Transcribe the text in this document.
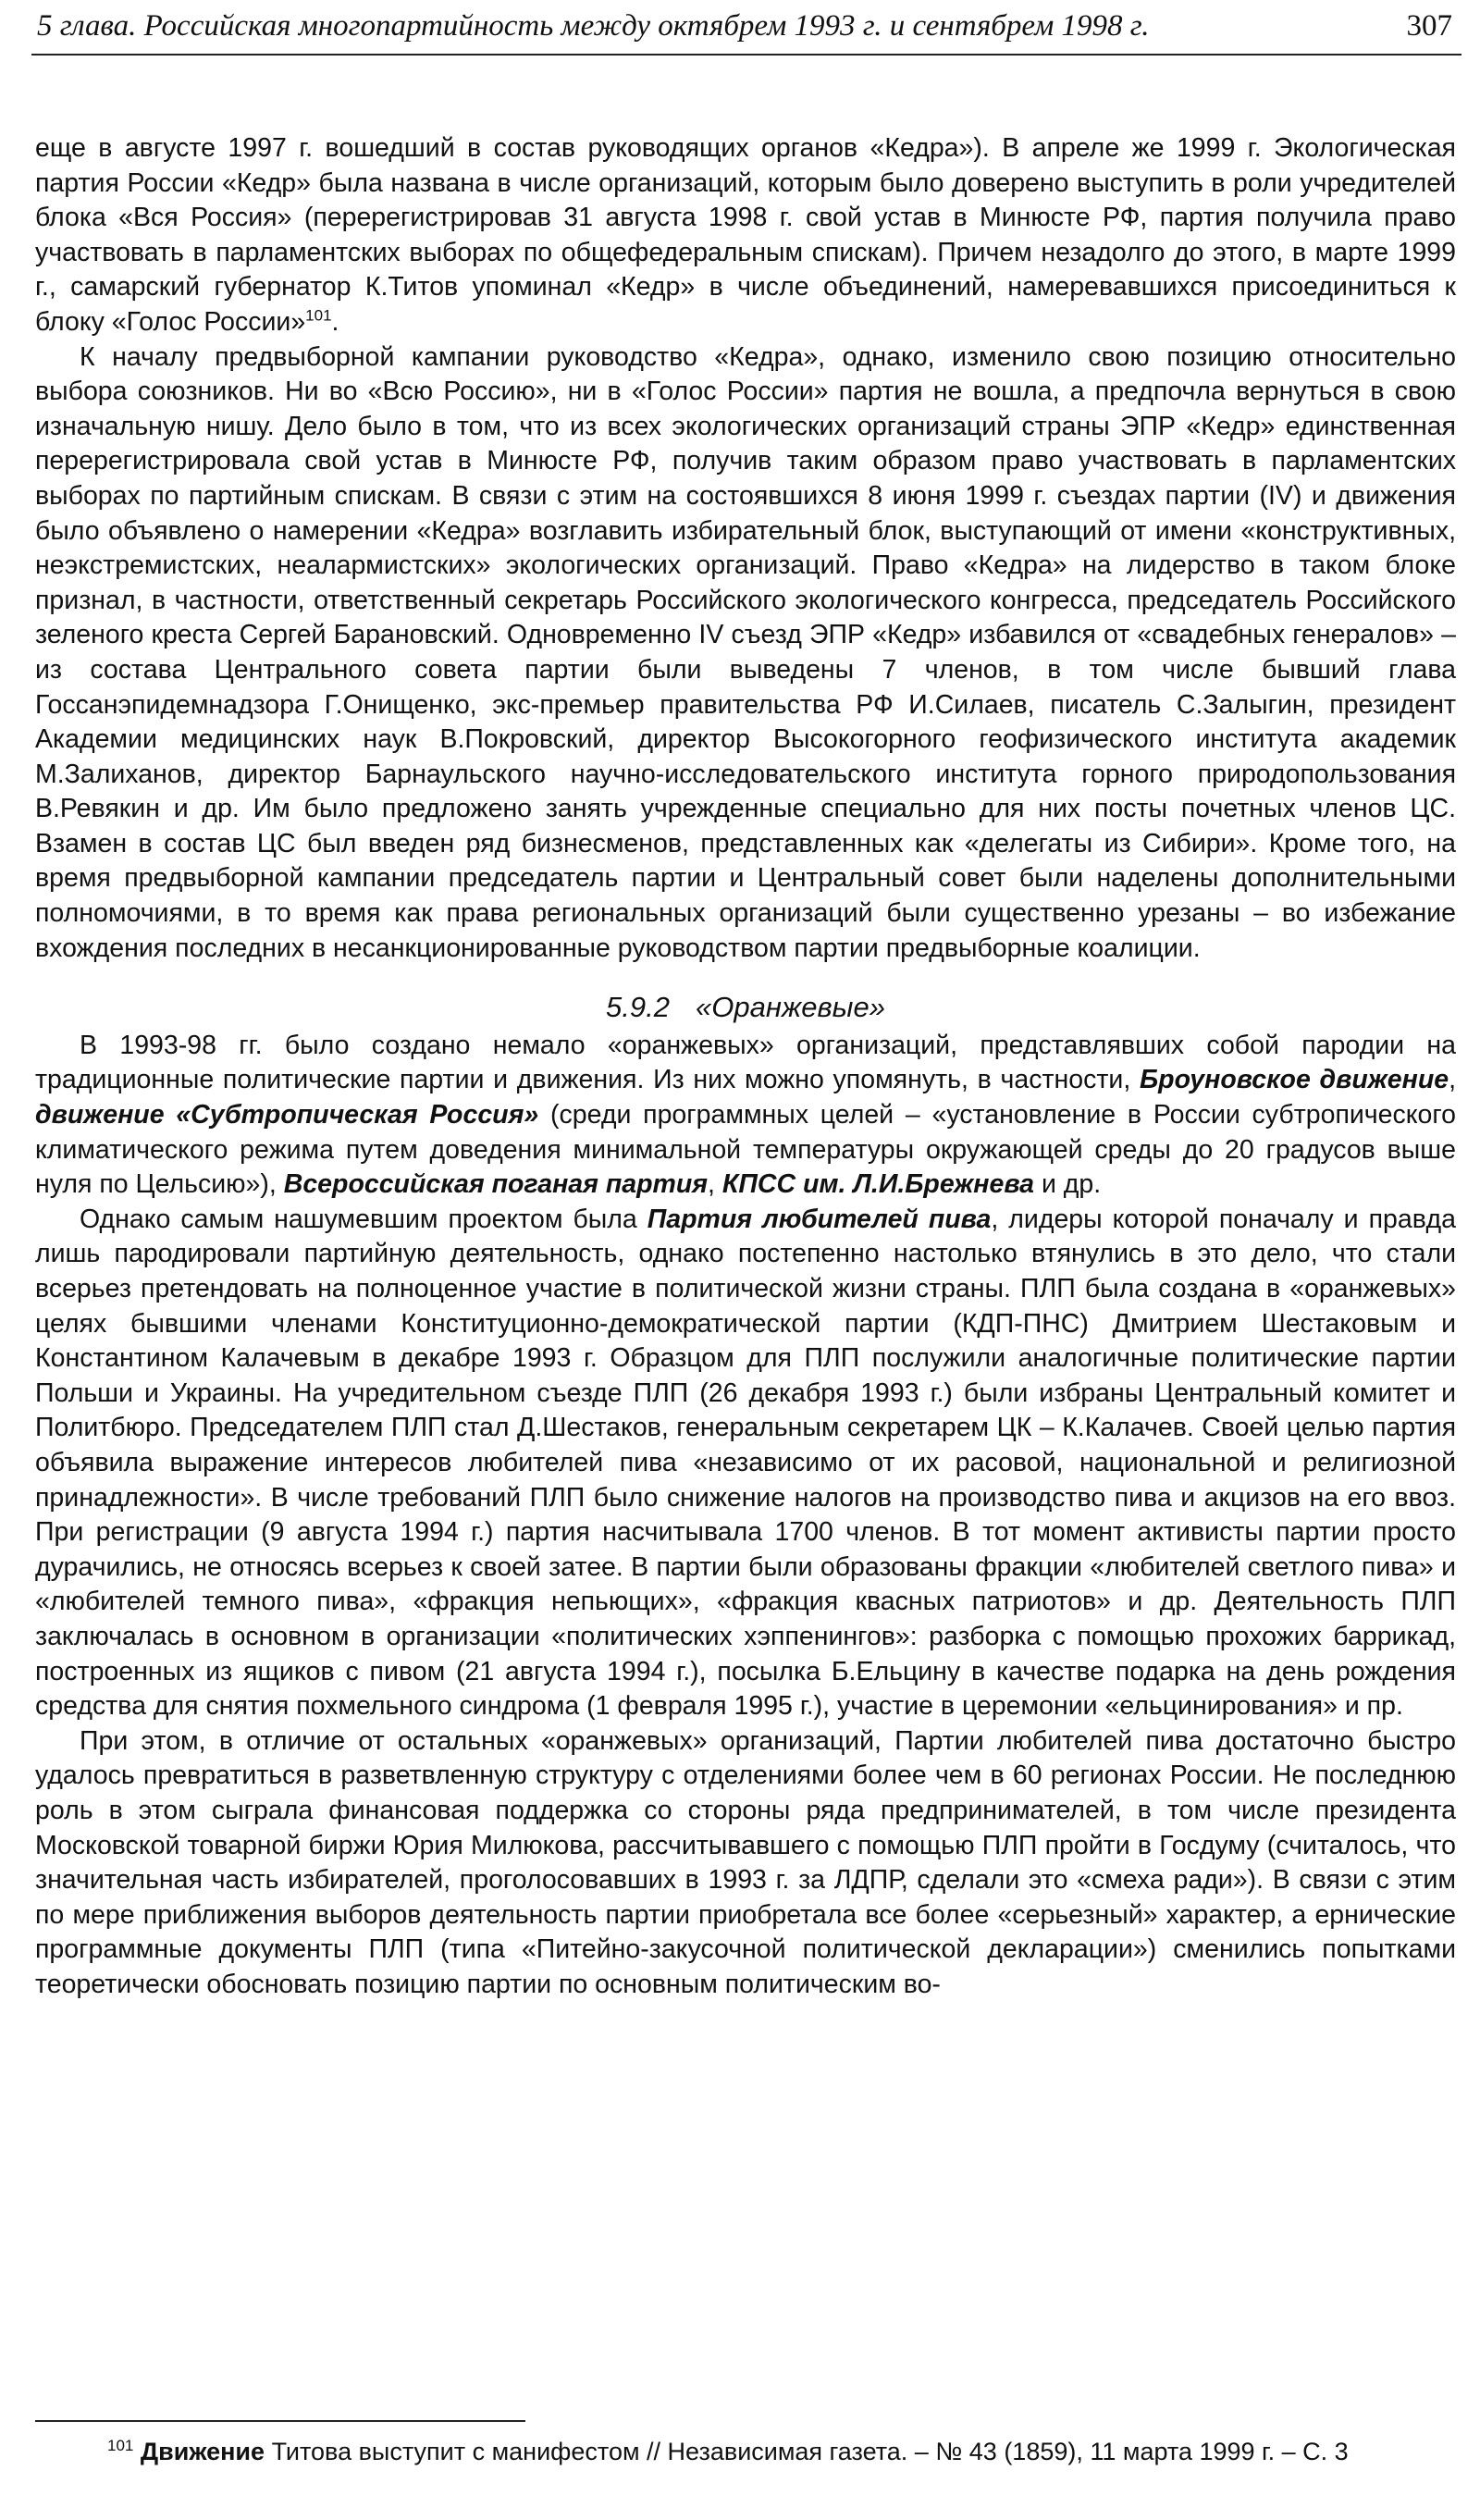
5 глава. Российская многопартийность между октябрем 1993 г. и сентябрем 1998 г.	307

еще в августе 1997 г. вошедший в состав руководящих органов «Кедра»). В апреле же 1999 г. Экологическая партия России «Кедр» была названа в числе организаций, которым было доверено выступить в роли учредителей блока «Вся Россия» (перерегистрировав 31 августа 1998 г. свой устав в Минюсте РФ, партия получила право участвовать в парламентских выборах по общефедеральным спискам). Причем незадолго до этого, в марте 1999 г., самарский губернатор К.Титов упоминал «Кедр» в числе объединений, намеревавшихся присоединиться к блоку «Голос России»$^{101}$.

К началу предвыборной кампании руководство «Кедра», однако, изменило свою позицию относительно выбора союзников. Ни во «Всю Россию», ни в «Голос России» партия не вошла, а предпочла вернуться в свою изначальную нишу. Дело было в том, что из всех экологических организаций страны ЭПР «Кедр» единственная перерегистрировала свой устав в Минюсте РФ, получив таким образом право участвовать в парламентских выборах по партийным спискам. В связи с этим на состоявшихся 8 июня 1999 г. съездах партии (IV) и движения было объявлено о намерении «Кедра» возглавить избирательный блок, выступающий от имени «конструктивных, неэкстремистских, неалармистских» экологических организаций. Право «Кедра» на лидерство в таком блоке признал, в частности, ответственный секретарь Российского экологического конгресса, председатель Российского зеленого креста Сергей Барановский. Одновременно IV съезд ЭПР «Кедр» избавился от «свадебных генералов» – из состава Центрального совета партии были выведены 7 членов, в том числе бывший глава Госсанэпидемнадзора Г.Онищенко, экс-премьер правительства РФ И.Силаев, писатель С.Залыгин, президент Академии медицинских наук В.Покровский, директор Высокогорного геофизического института академик М.Залиханов, директор Барнаульского научно-исследовательского института горного природопользования В.Ревякин и др. Им было предложено занять учрежденные специально для них посты почетных членов ЦС. Взамен в состав ЦС был введен ряд бизнесменов, представленных как «делегаты из Сибири». Кроме того, на время предвыборной кампании председатель партии и Центральный совет были наделены дополнительными полномочиями, в то время как права региональных организаций были существенно урезаны – во избежание вхождения последних в несанкционированные руководством партии предвыборные коалиции.

5.9.2 «Оранжевые»

В 1993-98 гг. было создано немало «оранжевых» организаций, представлявших собой пародии на традиционные политические партии и движения. Из них можно упомянуть, в частности, Броуновское движение, движение «Субтропическая Россия» (среди программных целей – «установление в России субтропического климатического режима путем доведения минимальной температуры окружающей среды до 20 градусов выше нуля по Цельсию»), Всероссийская поганая партия, КПСС им. Л.И.Брежнева и др.

Однако самым нашумевшим проектом была Партия любителей пива, лидеры которой поначалу и правда лишь пародировали партийную деятельность, однако постепенно настолько втянулись в это дело, что стали всерьез претендовать на полноценное участие в политической жизни страны. ПЛП была создана в «оранжевых» целях бывшими членами Конституционно-демократической партии (КДП-ПНС) Дмитрием Шестаковым и Константином Калачевым в декабре 1993 г. Образцом для ПЛП послужили аналогичные политические партии Польши и Украины. На учредительном съезде ПЛП (26 декабря 1993 г.) были избраны Центральный комитет и Политбюро. Председателем ПЛП стал Д.Шестаков, генеральным секретарем ЦК – К.Калачев. Своей целью партия объявила выражение интересов любителей пива «независимо от их расовой, национальной и религиозной принадлежности». В числе требований ПЛП было снижение налогов на производство пива и акцизов на его ввоз. При регистрации (9 августа 1994 г.) партия насчитывала 1700 членов. В тот момент активисты партии просто дурачились, не относясь всерьез к своей затее. В партии были образованы фракции «любителей светлого пива» и «любителей темного пива», «фракция непьющих», «фракция квасных патриотов» и др. Деятельность ПЛП заключалась в основном в организации «политических хэппенингов»: разборка с помощью прохожих баррикад, построенных из ящиков с пивом (21 августа 1994 г.), посылка Б.Ельцину в качестве подарка на день рождения средства для снятия похмельного синдрома (1 февраля 1995 г.), участие в церемонии «ельцинирования» и пр.

При этом, в отличие от остальных «оранжевых» организаций, Партии любителей пива достаточно быстро удалось превратиться в разветвленную структуру с отделениями более чем в 60 регионах России. Не последнюю роль в этом сыграла финансовая поддержка со стороны ряда предпринимателей, в том числе президента Московской товарной биржи Юрия Милюкова, рассчитывавшего с помощью ПЛП пройти в Госдуму (считалось, что значительная часть избирателей, проголосовавших в 1993 г. за ЛДПР, сделали это «смеха ради»). В связи с этим по мере приближения выборов деятельность партии приобретала все более «серьезный» характер, а ернические программные документы ПЛП (типа «Питейно-закусочной политической декларации») сменились попытками теоретически обосновать позицию партии по основным политическим во-

$^{101}$ Движение Титова выступит с манифестом // Независимая газета. – № 43 (1859), 11 марта 1999 г. – С. 3
